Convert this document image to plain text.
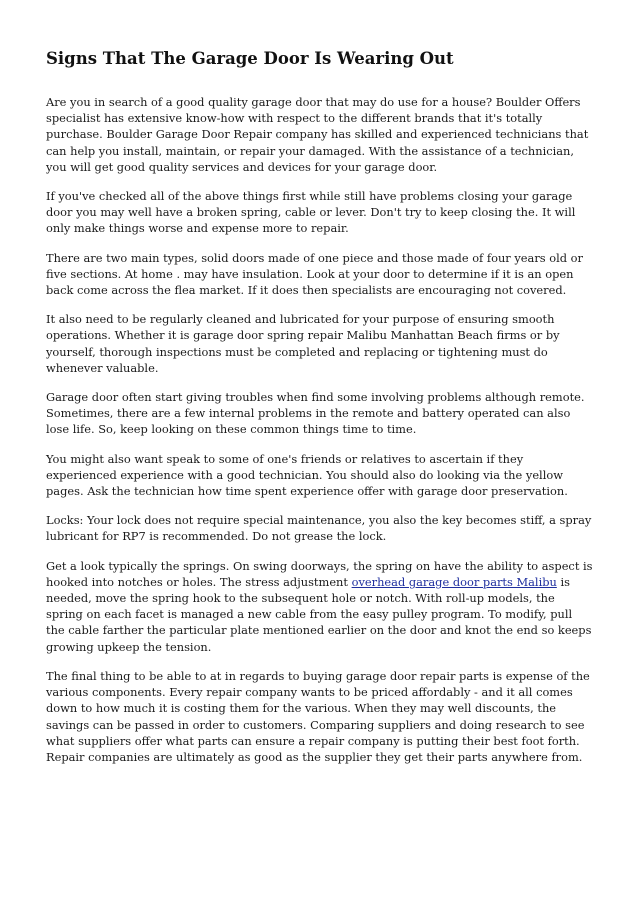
Signs That The Garage Door Is Wearing Out

Are you in search of a good quality garage door that may do use for a house? Boulder Offers specialist has extensive know-how with respect to the different brands that it's totally purchase. Boulder Garage Door Repair company has skilled and experienced technicians that can help you install, maintain, or repair your damaged. With the assistance of a technician, you will get good quality services and devices for your garage door.

If you've checked all of the above things first while still have problems closing your garage door you may well have a broken spring, cable or lever. Don't try to keep closing the. It will only make things worse and expense more to repair.

There are two main types, solid doors made of one piece and those made of four years old or five sections. At home . may have insulation. Look at your door to determine if it is an open back come across the flea market. If it does then specialists are encouraging not covered.

It also need to be regularly cleaned and lubricated for your purpose of ensuring smooth operations. Whether it is garage door spring repair Malibu Manhattan Beach firms or by yourself, thorough inspections must be completed and replacing or tightening must do whenever valuable.

Garage door often start giving troubles when find some involving problems although remote. Sometimes, there are a few internal problems in the remote and battery operated can also lose life. So, keep looking on these common things time to time.

You might also want speak to some of one's friends or relatives to ascertain if they experienced experience with a good technician. You should also do looking via the yellow pages. Ask the technician how time spent experience offer with garage door preservation.

Locks: Your lock does not require special maintenance, you also the key becomes stiff, a spray lubricant for RP7 is recommended. Do not grease the lock.

Get a look typically the springs. On swing doorways, the spring on have the ability to aspect is hooked into notches or holes. The stress adjustment overhead garage door parts Malibu is needed, move the spring hook to the subsequent hole or notch. With roll-up models, the spring on each facet is managed a new cable from the easy pulley program. To modify, pull the cable farther the particular plate mentioned earlier on the door and knot the end so keeps growing upkeep the tension.

The final thing to be able to at in regards to buying garage door repair parts is expense of the various components. Every repair company wants to be priced affordably - and it all comes down to how much it is costing them for the various. When they may well discounts, the savings can be passed in order to customers. Comparing suppliers and doing research to see what suppliers offer what parts can ensure a repair company is putting their best foot forth. Repair companies are ultimately as good as the supplier they get their parts anywhere from.
